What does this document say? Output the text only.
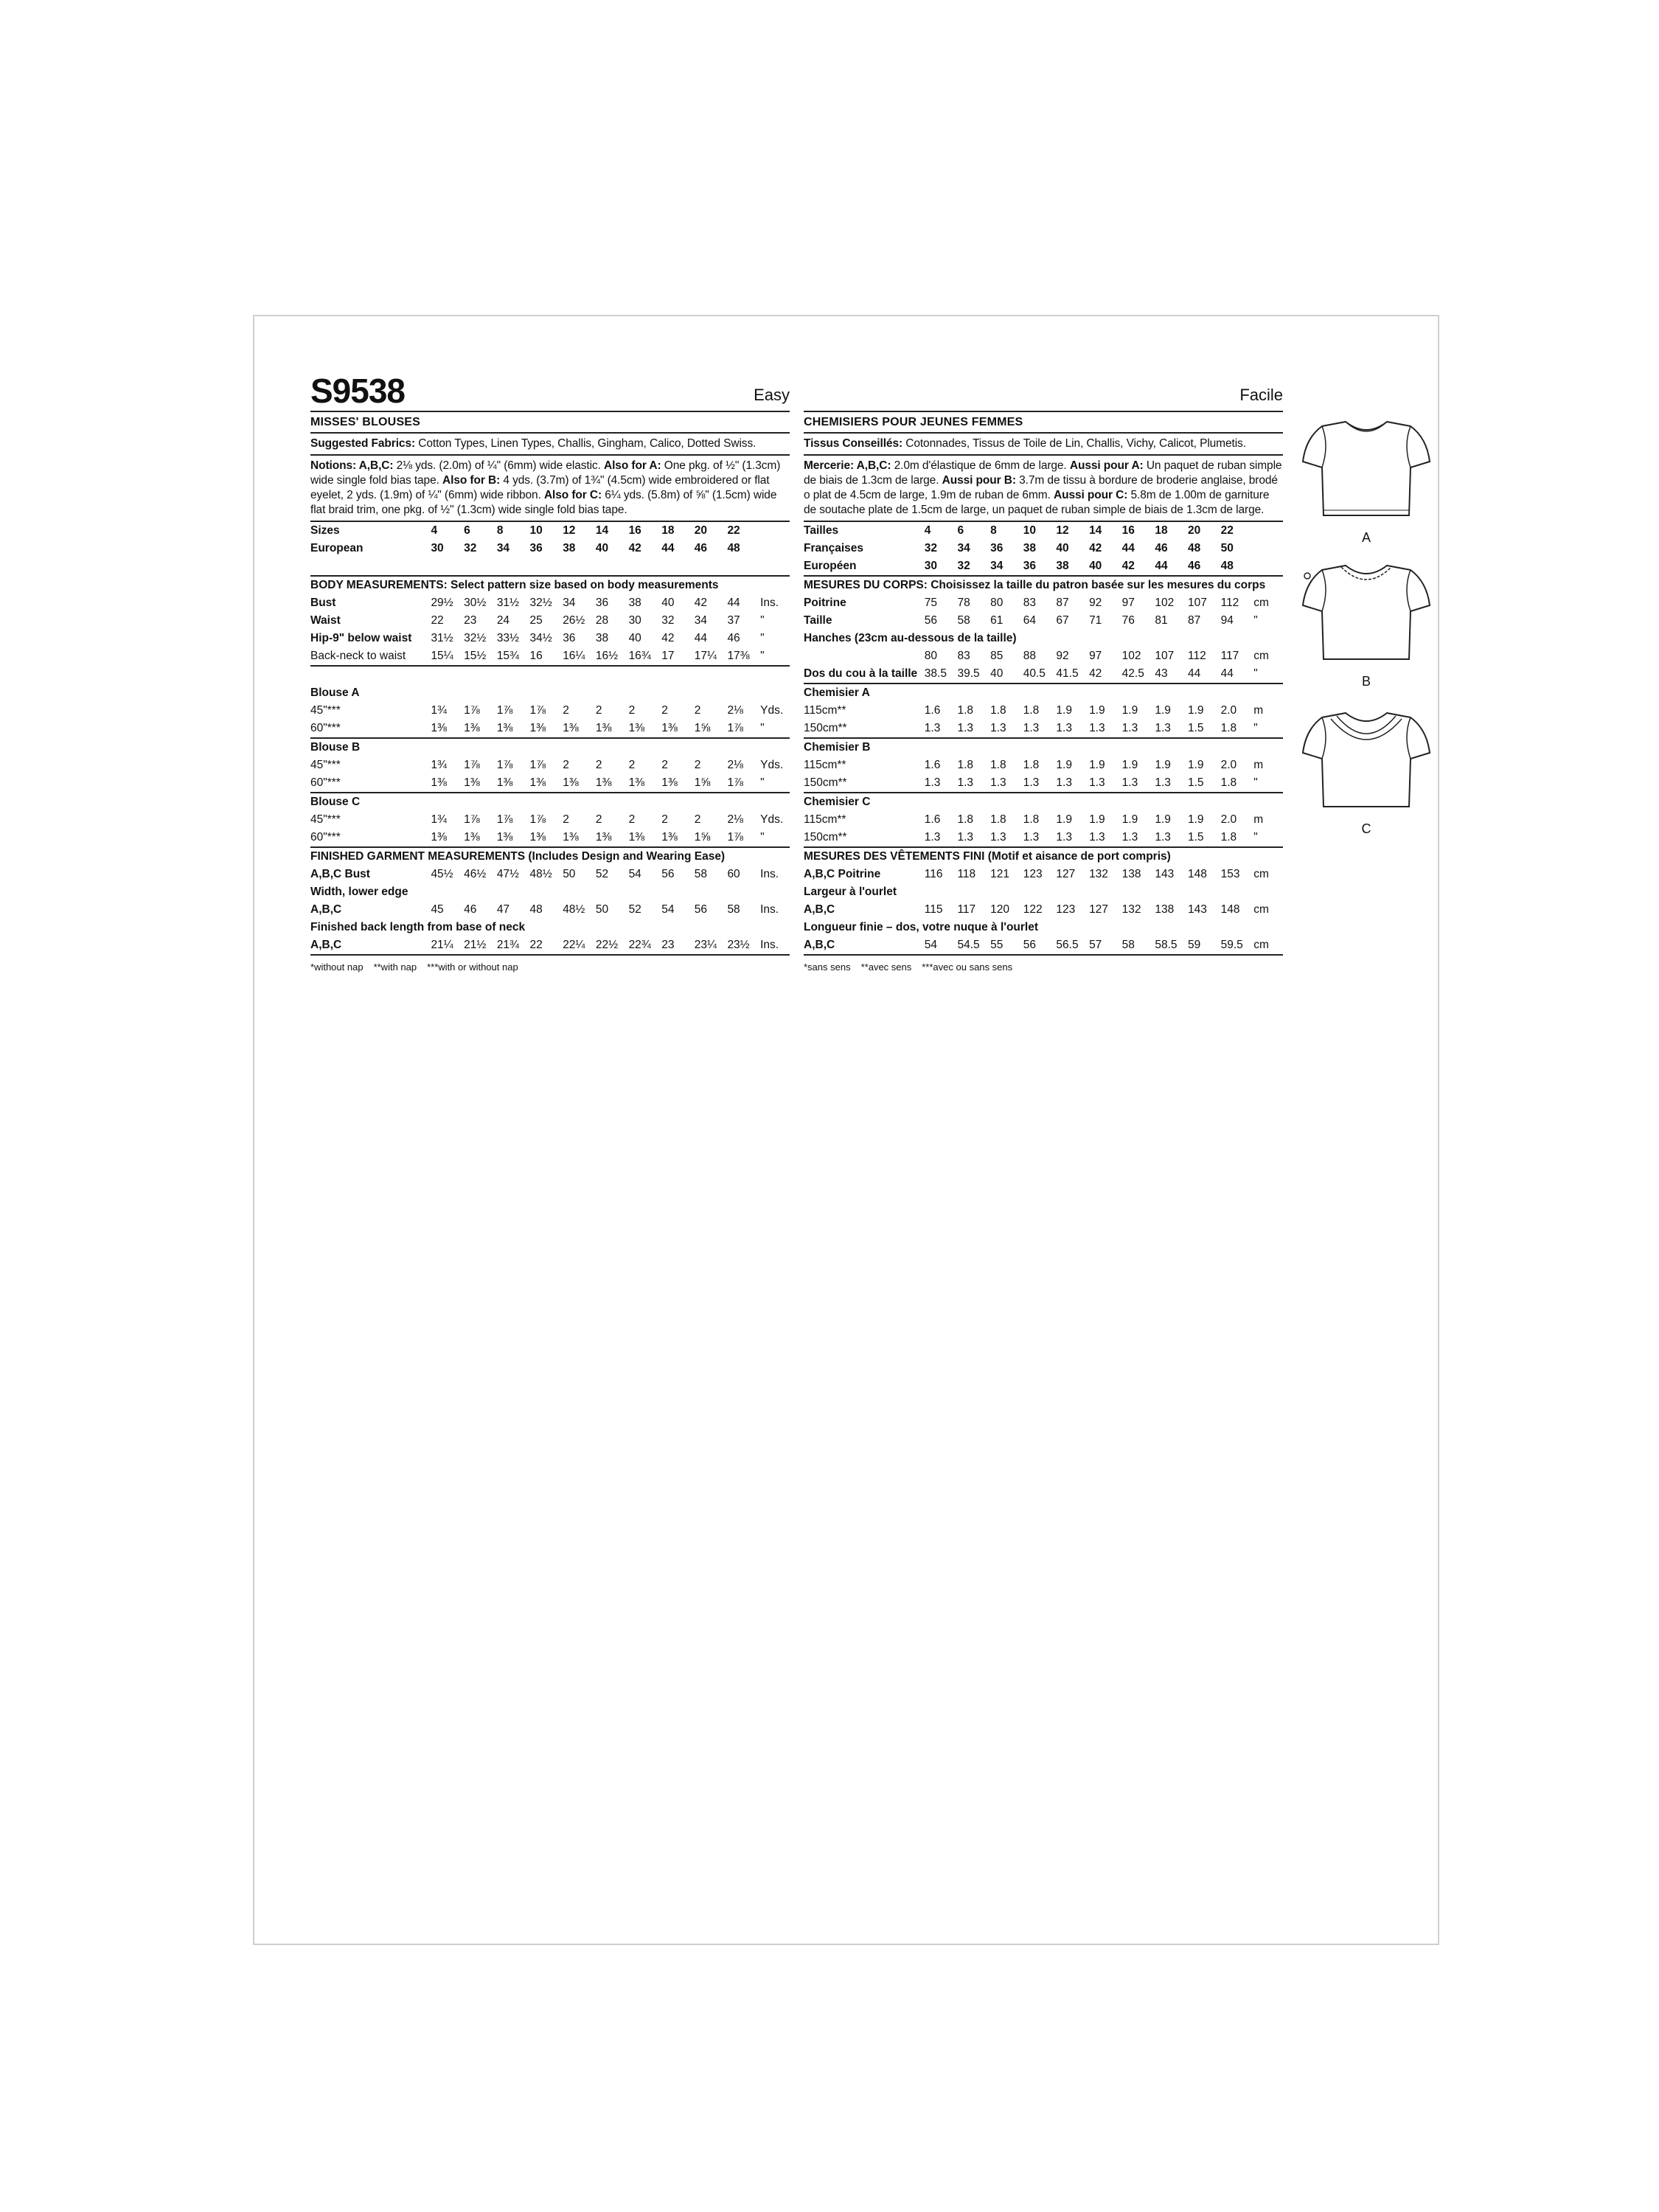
S9538	Easy
MISSES' BLOUSES
Suggested Fabrics: Cotton Types, Linen Types, Challis, Gingham, Calico, Dotted Swiss.
Notions: A,B,C: 2⅛ yds. (2.0m) of ¼" (6mm) wide elastic. Also for A: One pkg. of ½" (1.3cm) wide single fold bias tape. Also for B: 4 yds. (3.7m) of 1¾" (4.5cm) wide embroidered or flat eyelet, 2 yds. (1.9m) of ¼" (6mm) wide ribbon. Also for C: 6¼ yds. (5.8m) of ⅝" (1.5cm) wide flat braid trim, one pkg. of ½" (1.3cm) wide single fold bias tape.
Sizes	4	6	8	10	12	14	16	18	20	22	
European	30	32	34	36	38	40	42	44	46	48	

BODY MEASUREMENTS: Select pattern size based on body measurements											
Bust	29½	30½	31½	32½	34	36	38	40	42	44	Ins.
Waist	22	23	24	25	26½	28	30	32	34	37	"
Hip-9" below waist	31½	32½	33½	34½	36	38	40	42	44	46	"
Back-neck to waist	15¼	15½	15¾	16	16¼	16½	16¾	17	17¼	17⅜	"

Blouse A											
45"***	1¾	1⅞	1⅞	1⅞	2	2	2	2	2	2⅛	Yds.
60"***	1⅜	1⅜	1⅜	1⅜	1⅜	1⅜	1⅜	1⅜	1⅝	1⅞	"
Blouse B											
45"***	1¾	1⅞	1⅞	1⅞	2	2	2	2	2	2⅛	Yds.
60"***	1⅜	1⅜	1⅜	1⅜	1⅜	1⅜	1⅜	1⅜	1⅝	1⅞	"
Blouse C											
45"***	1¾	1⅞	1⅞	1⅞	2	2	2	2	2	2⅛	Yds.
60"***	1⅜	1⅜	1⅜	1⅜	1⅜	1⅜	1⅜	1⅜	1⅝	1⅞	"
FINISHED GARMENT MEASUREMENTS (Includes Design and Wearing Ease)											
A,B,C Bust	45½	46½	47½	48½	50	52	54	56	58	60	Ins.
Width, lower edge											
A,B,C	45	46	47	48	48½	50	52	54	56	58	Ins.
Finished back length from base of neck											
A,B,C	21¼	21½	21¾	22	22¼	22½	22¾	23	23¼	23½	Ins.
*without nap **with nap ***with or without nap
Facile
CHEMISIERS POUR JEUNES FEMMES
Tissus Conseillés: Cotonnades, Tissus de Toile de Lin, Challis, Vichy, Calicot, Plumetis.
Mercerie: A,B,C: 2.0m d'élastique de 6mm de large. Aussi pour A: Un paquet de ruban simple de biais de 1.3cm de large. Aussi pour B: 3.7m de tissu à bordure de broderie anglaise, brodé o plat de 4.5cm de large, 1.9m de ruban de 6mm. Aussi pour C: 5.8m de 1.00m de garniture de soutache plate de 1.5cm de large, un paquet de ruban simple de biais de 1.3cm de large.
Tailles	4	6	8	10	12	14	16	18	20	22	
Françaises	32	34	36	38	40	42	44	46	48	50	
Européen	30	32	34	36	38	40	42	44	46	48	
MESURES DU CORPS: Choisissez la taille du patron basée sur les mesures du corps											
Poitrine	75	78	80	83	87	92	97	102	107	112	cm
Taille	56	58	61	64	67	71	76	81	87	94	"
Hanches (23cm au-dessous de la taille)											
	80	83	85	88	92	97	102	107	112	117	cm
Dos du cou à la taille	38.5	39.5	40	40.5	41.5	42	42.5	43	44	44	"
Chemisier A											
115cm**	1.6	1.8	1.8	1.8	1.9	1.9	1.9	1.9	1.9	2.0	m
150cm**	1.3	1.3	1.3	1.3	1.3	1.3	1.3	1.3	1.5	1.8	"
Chemisier B											
115cm**	1.6	1.8	1.8	1.8	1.9	1.9	1.9	1.9	1.9	2.0	m
150cm**	1.3	1.3	1.3	1.3	1.3	1.3	1.3	1.3	1.5	1.8	"
Chemisier C											
115cm**	1.6	1.8	1.8	1.8	1.9	1.9	1.9	1.9	1.9	2.0	m
150cm**	1.3	1.3	1.3	1.3	1.3	1.3	1.3	1.3	1.5	1.8	"
MESURES DES VÊTEMENTS FINI (Motif et aisance de port compris)											
A,B,C Poitrine	116	118	121	123	127	132	138	143	148	153	cm
Largeur à l'ourlet											
A,B,C	115	117	120	122	123	127	132	138	143	148	cm
Longueur finie – dos, votre nuque à l'ourlet											
A,B,C	54	54.5	55	56	56.5	57	58	58.5	59	59.5	cm
*sans sens **avec sens ***avec ou sans sens
A
B
C
